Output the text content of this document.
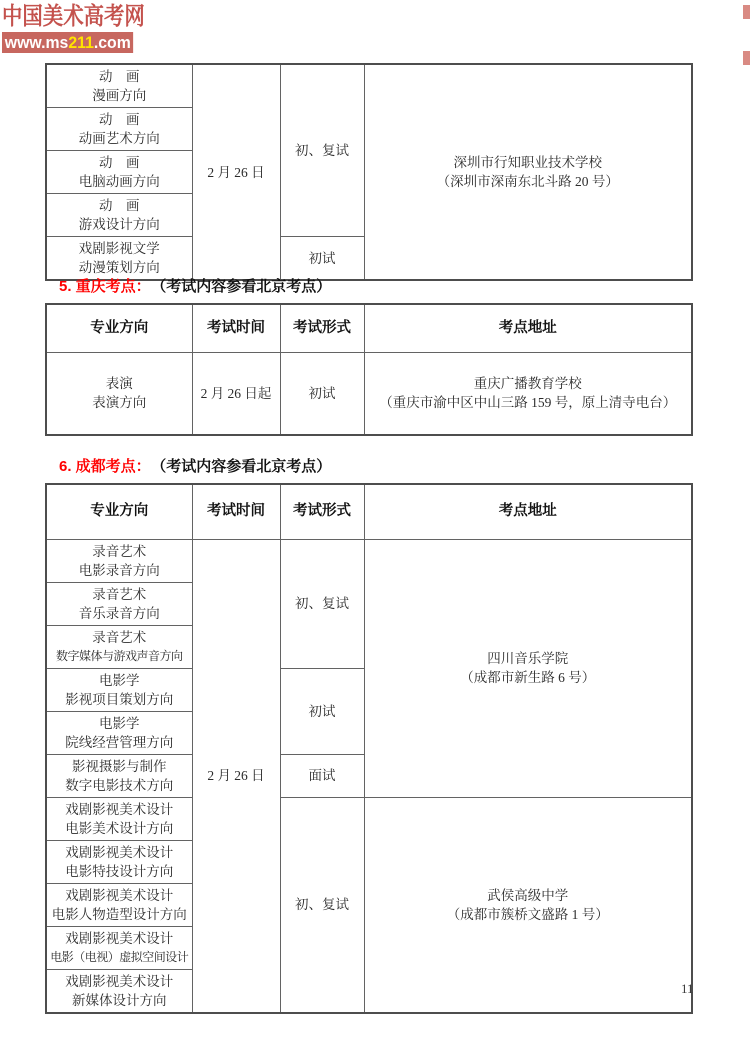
中国美术高考网
www.ms211.com
动　画
漫画方向
	2 月 26 日	初、复试	
深圳市行知职业技术学校
（深圳市深南东北斗路 20 号）

动　画
动画艺术方向			

动　画
电脑动画方向			

动　画
游戏设计方向			

戏剧影视文学
动漫策划方向		初试	
5. 重庆考点： （考试内容参看北京考点）
专业方向	考试时间	考试形式	考点地址

表演
表演方向
	2 月 26 日起	初试	
重庆广播教育学校
（重庆市渝中区中山三路 159 号，原上清寺电台）
6. 成都考点： （考试内容参看北京考点）
专业方向	考试时间	考试形式	考点地址

录音艺术
电影录音方向
	2 月 26 日	初、复试	
四川音乐学院
（成都市新生路 6 号）

录音艺术
音乐录音方向			

录音艺术
数字媒体与游戏声音方向			

电影学
影视项目策划方向		初试	

电影学
院线经营管理方向			

影视摄影与制作
数字电影技术方向		面试	

戏剧影视美术设计
电影美术设计方向
	初、复试	
武侯高级中学
（成都市簇桥文盛路 1 号）

戏剧影视美术设计
电影特技设计方向			

戏剧影视美术设计
电影人物造型设计方向			

戏剧影视美术设计
电影（电视）虚拟空间设计			

戏剧影视美术设计
新媒体设计方向			
11
